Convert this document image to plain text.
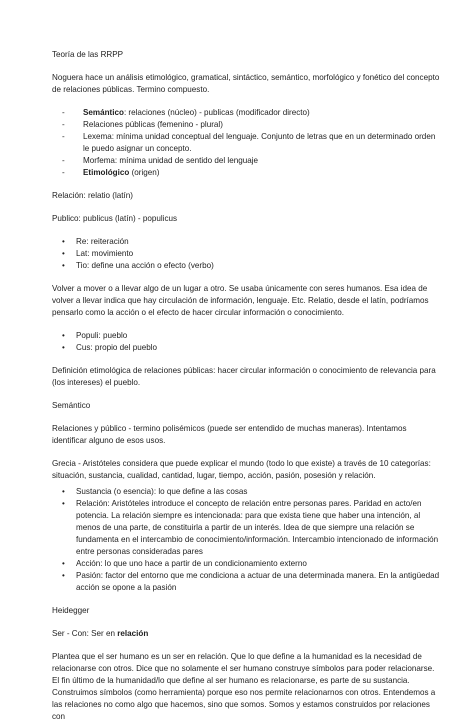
Teoría de las RRPP

Noguera hace un análisis etimológico, gramatical, sintáctico, semántico, morfológico y fonético del concepto de relaciones públicas. Termino compuesto.

- Semántico: relaciones (núcleo) - publicas (modificador directo)
- Relaciones públicas (femenino - plural)
- Lexema: mínima unidad conceptual del lenguaje. Conjunto de letras que en un determinado orden le puedo asignar un concepto.
- Morfema: mínima unidad de sentido del lenguaje
- Etimológico (origen)

Relación: relatio (latín)

Publico: publicus (latín) - populicus

• Re: reiteración
• Lat: movimiento
• Tio: define una acción o efecto (verbo)

Volver a mover o a llevar algo de un lugar a otro. Se usaba únicamente con seres humanos. Esa idea de volver a llevar indica que hay circulación de información, lenguaje. Etc. Relatio, desde el latín, podríamos pensarlo como la acción o el efecto de hacer circular información o conocimiento.

• Populi: pueblo
• Cus: propio del pueblo

Definición etimológica de relaciones públicas: hacer circular información o conocimiento de relevancia para (los intereses) el pueblo.

Semántico

Relaciones y público - termino polisémicos (puede ser entendido de muchas maneras). Intentamos identificar alguno de esos usos.

Grecia - Aristóteles considera que puede explicar el mundo (todo lo que existe) a través de 10 categorías: situación, sustancia, cualidad, cantidad, lugar, tiempo, acción, pasión, posesión y relación.

• Sustancia (o esencia): lo que define a las cosas
• Relación: Aristóteles introduce el concepto de relación entre personas pares. Paridad en acto/en potencia. La relación siempre es intencionada: para que exista tiene que haber una intención, al menos de una parte, de constituirla a partir de un interés. Idea de que siempre una relación se fundamenta en el intercambio de conocimiento/información. Intercambio intencionado de información entre personas consideradas pares
• Acción: lo que uno hace a partir de un condicionamiento externo
• Pasión: factor del entorno que me condiciona a actuar de una determinada manera. En la antigüedad acción se opone a la pasión

Heidegger

Ser - Con: Ser en relación

Plantea que el ser humano es un ser en relación. Que lo que define a la humanidad es la necesidad de relacionarse con otros. Dice que no solamente el ser humano construye símbolos para poder relacionarse. El fin último de la humanidad/lo que define al ser humano es relacionarse, es parte de su sustancia. Construimos símbolos (como herramienta) porque eso nos permite relacionarnos con otros. Entendemos a las relaciones no como algo que hacemos, sino que somos. Somos y estamos construidos por relaciones con
